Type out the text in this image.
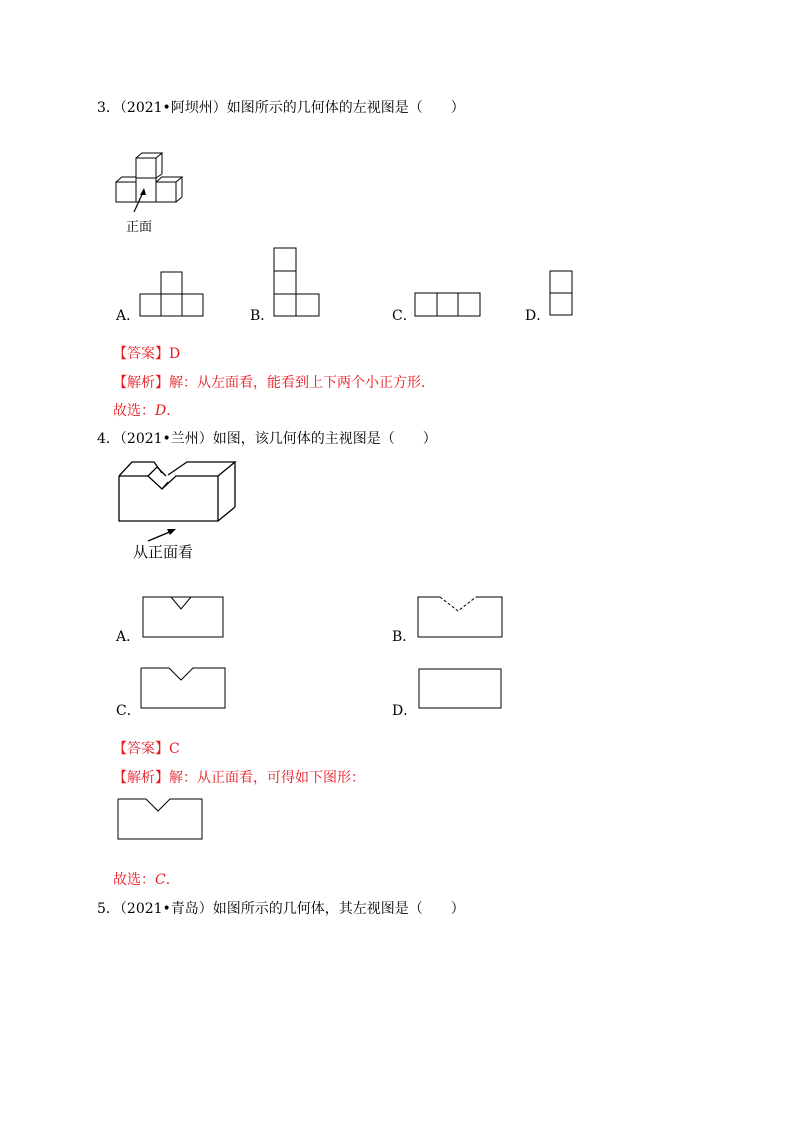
3．（2021•阿坝州）如图所示的几何体的左视图是（　　）
正面
A．	B．	C．	D．
【答案】D
【解析】解：从左面看，能看到上下两个小正方形．
故选：D．
4．（2021•兰州）如图，该几何体的主视图是（　　）
从正面看
A．	B．
C．	D．
【答案】C
【解析】解：从正面看，可得如下图形：
故选：C．
5．（2021•青岛）如图所示的几何体，其左视图是（　　）
